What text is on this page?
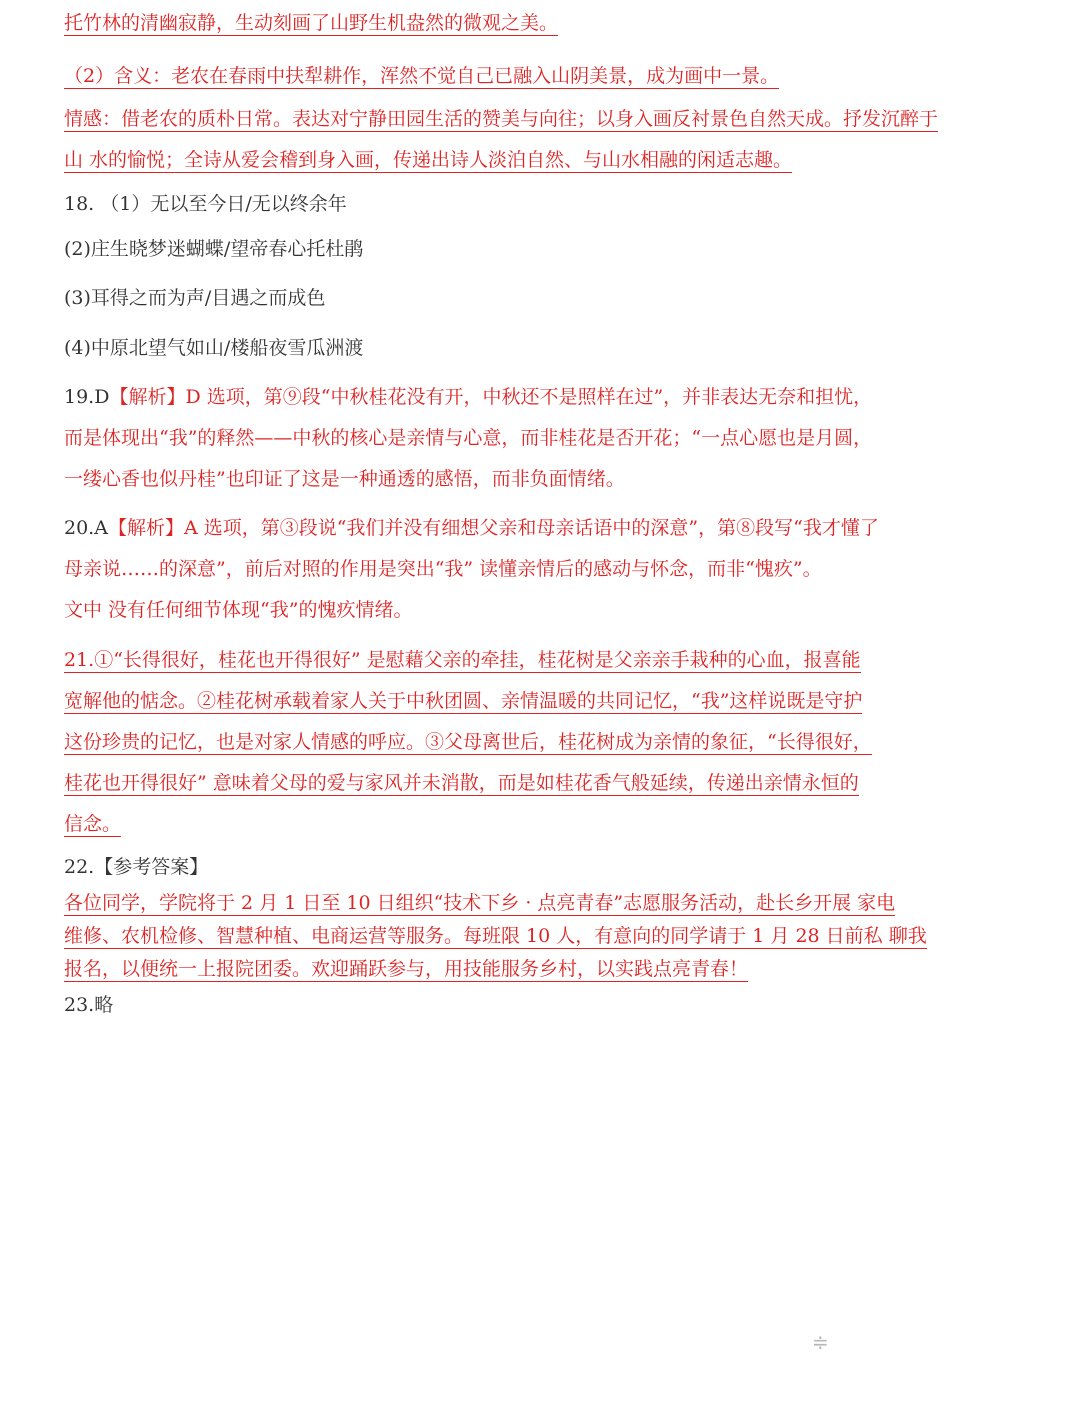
托竹林的清幽寂静，生动刻画了山野生机盎然的微观之美。
（2）含义：老农在春雨中扶犁耕作，浑然不觉自己已融入山阴美景，成为画中一景。
情感：借老农的质朴日常。表达对宁静田园生活的赞美与向往；以身入画反衬景色自然天成。抒发沉醉于
山 水的愉悦；全诗从爱会稽到身入画，传递出诗人淡泊自然、与山水相融的闲适志趣。
18. （1）无以至今日/无以终余年
(2)庄生晓梦迷蝴蝶/望帝春心托杜鹃
(3)耳得之而为声/目遇之而成色
(4)中原北望气如山/楼船夜雪瓜洲渡
19.D【解析】D 选项，第⑨段“中秋桂花没有开，中秋还不是照样在过”，并非表达无奈和担忧，
而是体现出“我”的释然——中秋的核心是亲情与心意，而非桂花是否开花；“一点心愿也是月圆，
一缕心香也似丹桂”也印证了这是一种通透的感悟，而非负面情绪。
20.A【解析】A 选项，第③段说“我们并没有细想父亲和母亲话语中的深意”，第⑧段写“我才懂了
母亲说……的深意”，前后对照的作用是突出“我” 读懂亲情后的感动与怀念，而非“愧疚”。
文中 没有任何细节体现“我”的愧疚情绪。
21.①“长得很好，桂花也开得很好” 是慰藉父亲的牵挂，桂花树是父亲亲手栽种的心血，报喜能
宽解他的惦念。②桂花树承载着家人关于中秋团圆、亲情温暖的共同记忆，“我”这样说既是守护
这份珍贵的记忆，也是对家人情感的呼应。③父母离世后，桂花树成为亲情的象征，“长得很好，
桂花也开得很好” 意味着父母的爱与家风并未消散，而是如桂花香气般延续，传递出亲情永恒的
信念。
22.【参考答案】
各位同学，学院将于 2 月 1 日至 10 日组织“技术下乡 · 点亮青春”志愿服务活动，赴长乡开展 家电
维修、农机检修、智慧种植、电商运营等服务。每班限 10 人，有意向的同学请于 1 月 28 日前私 聊我
报名，以便统一上报院团委。欢迎踊跃参与，用技能服务乡村，以实践点亮青春！
23.略
≑
